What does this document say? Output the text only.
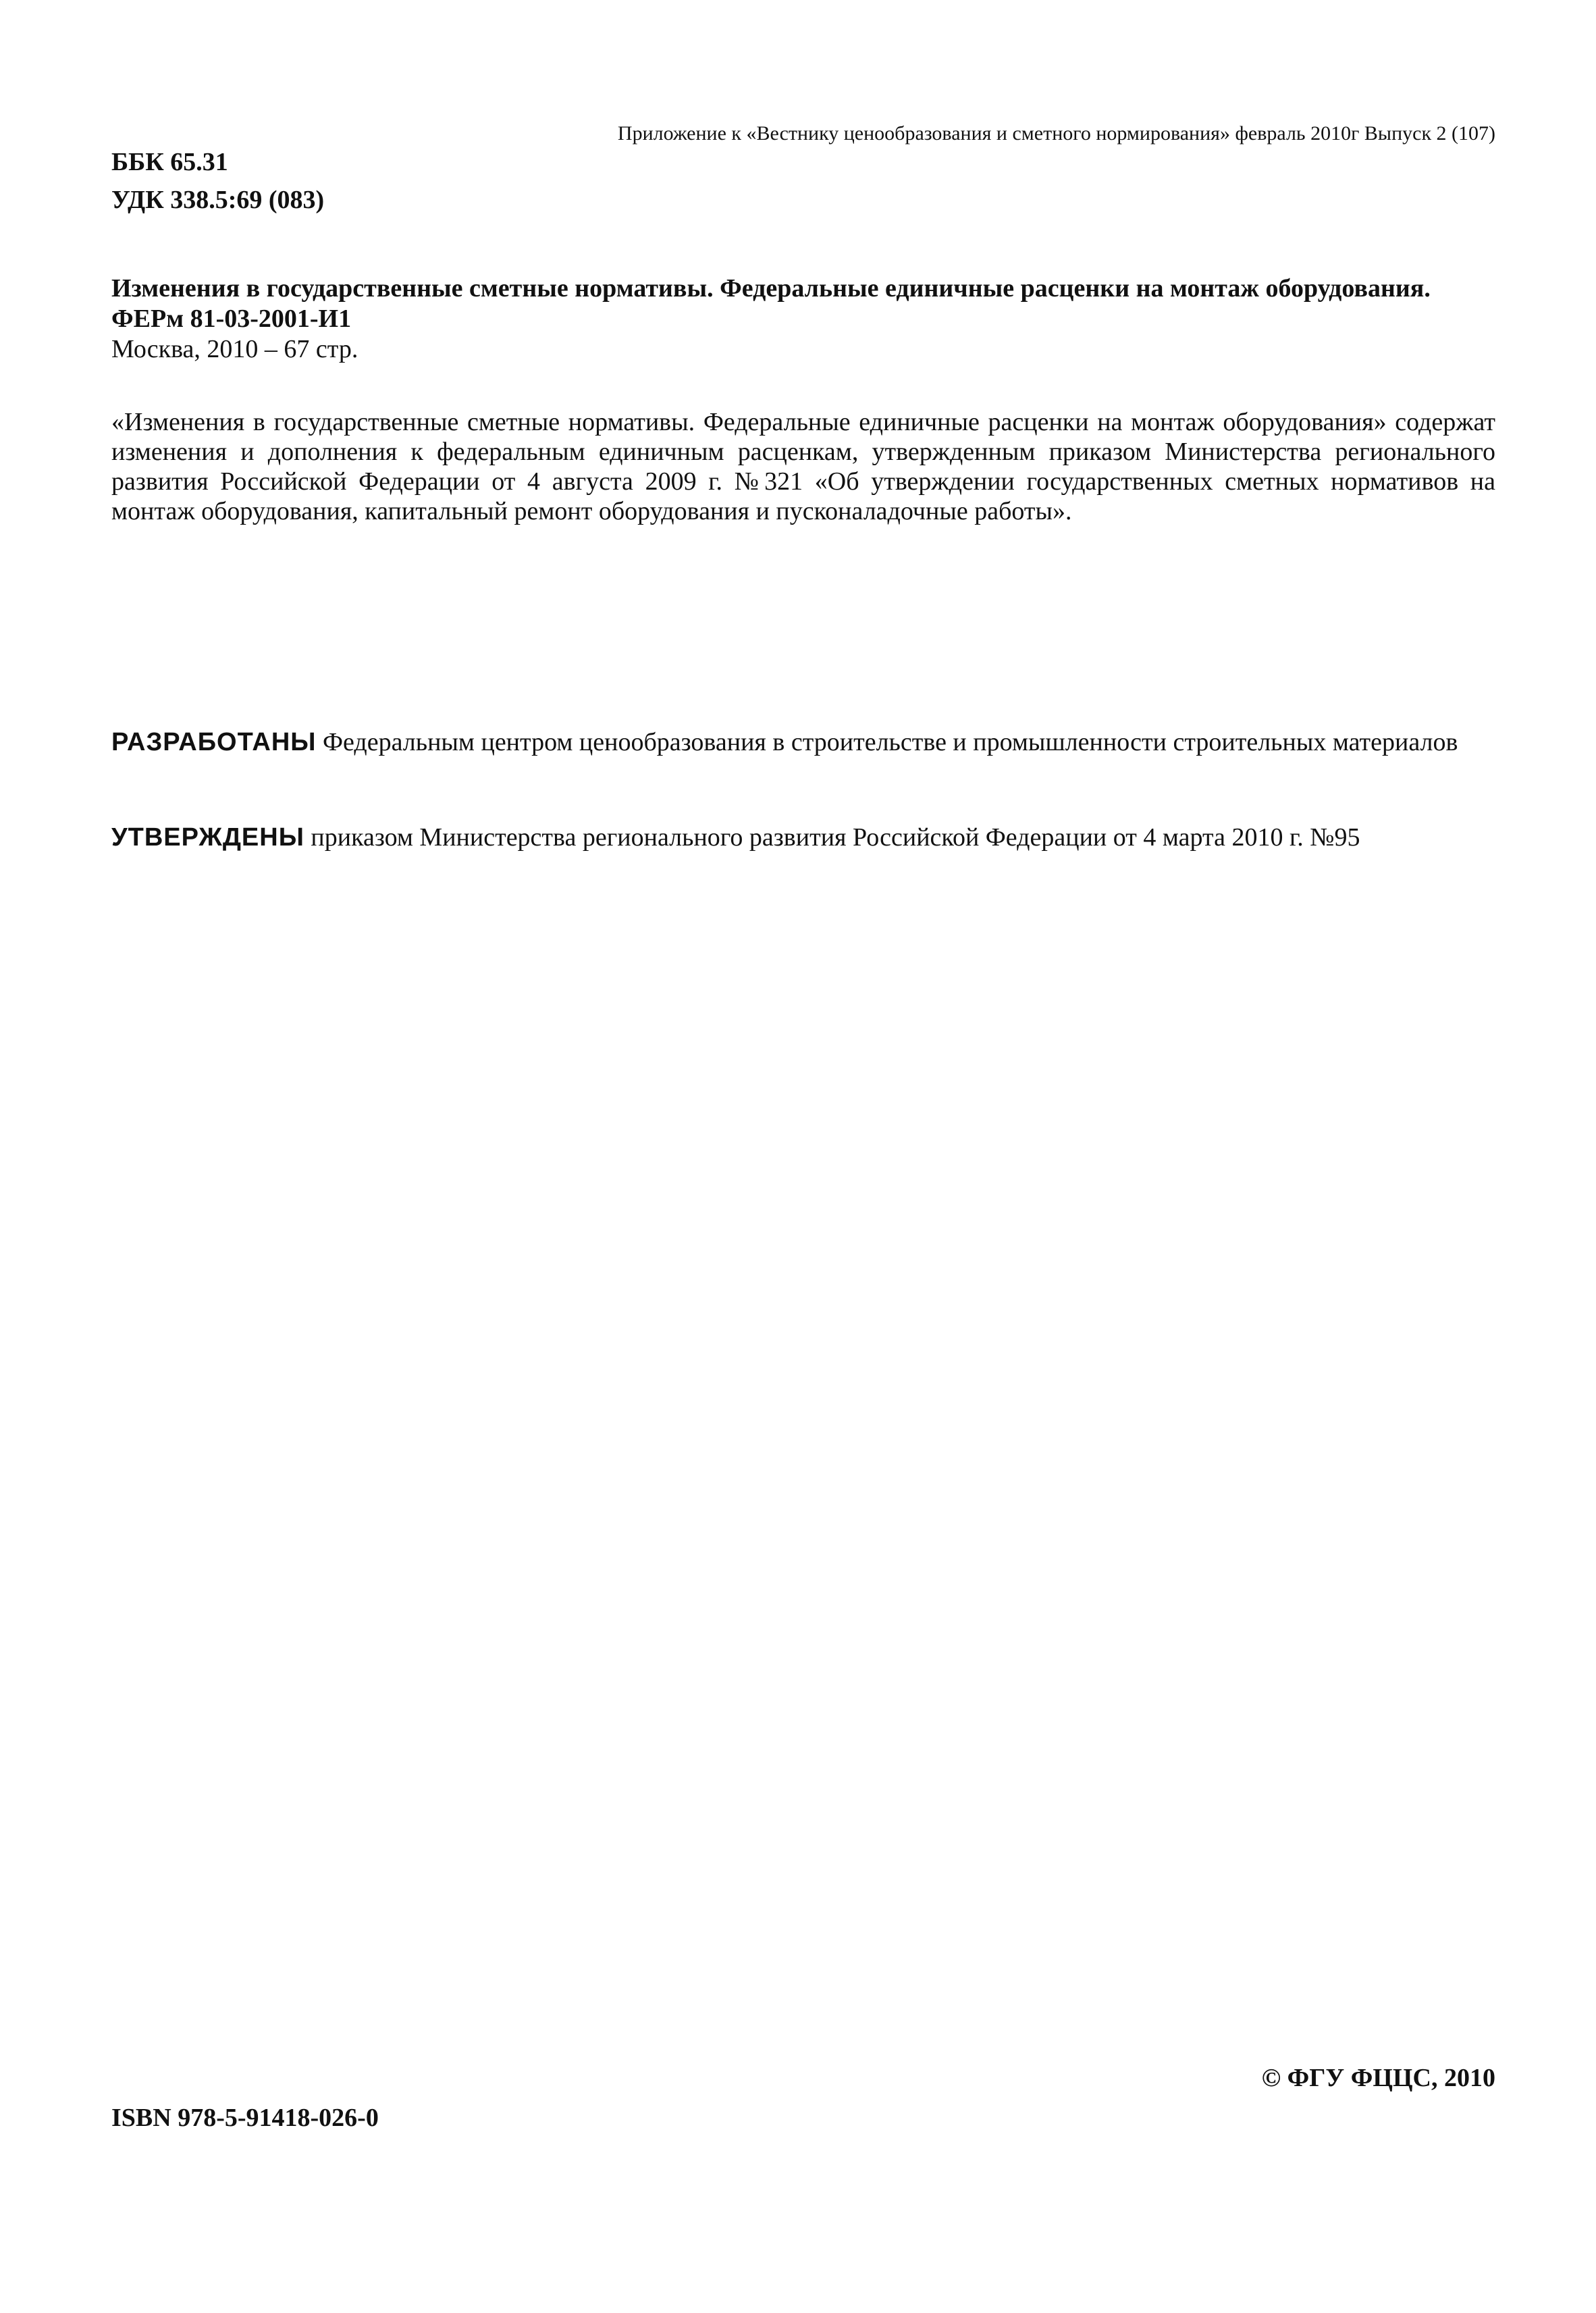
Приложение к «Вестнику ценообразования и сметного нормирования» февраль 2010г Выпуск 2 (107)
ББК 65.31
УДК 338.5:69 (083)

Изменения в государственные сметные нормативы. Федеральные единичные расценки на монтаж оборудования.

ФЕРм 81-03-2001-И1

Москва, 2010 – 67 стр.

«Изменения в государственные сметные нормативы. Федеральные единичные расценки на монтаж оборудования» содержат изменения и дополнения к федеральным единичным расценкам, утвержденным приказом Министерства регионального развития Российской Федерации от 4 августа 2009 г. №321 «Об утверждении государственных сметных нормативов на монтаж оборудования, капитальный ремонт оборудования и пусконаладочные работы».
РАЗРАБОТАНЫ Федеральным центром ценообразования в строительстве и промышленности строительных материалов
УТВЕРЖДЕНЫ приказом Министерства регионального развития Российской Федерации от 4 марта 2010 г. №95
© ФГУ ФЦЦС, 2010
ISBN 978-5-91418-026-0
